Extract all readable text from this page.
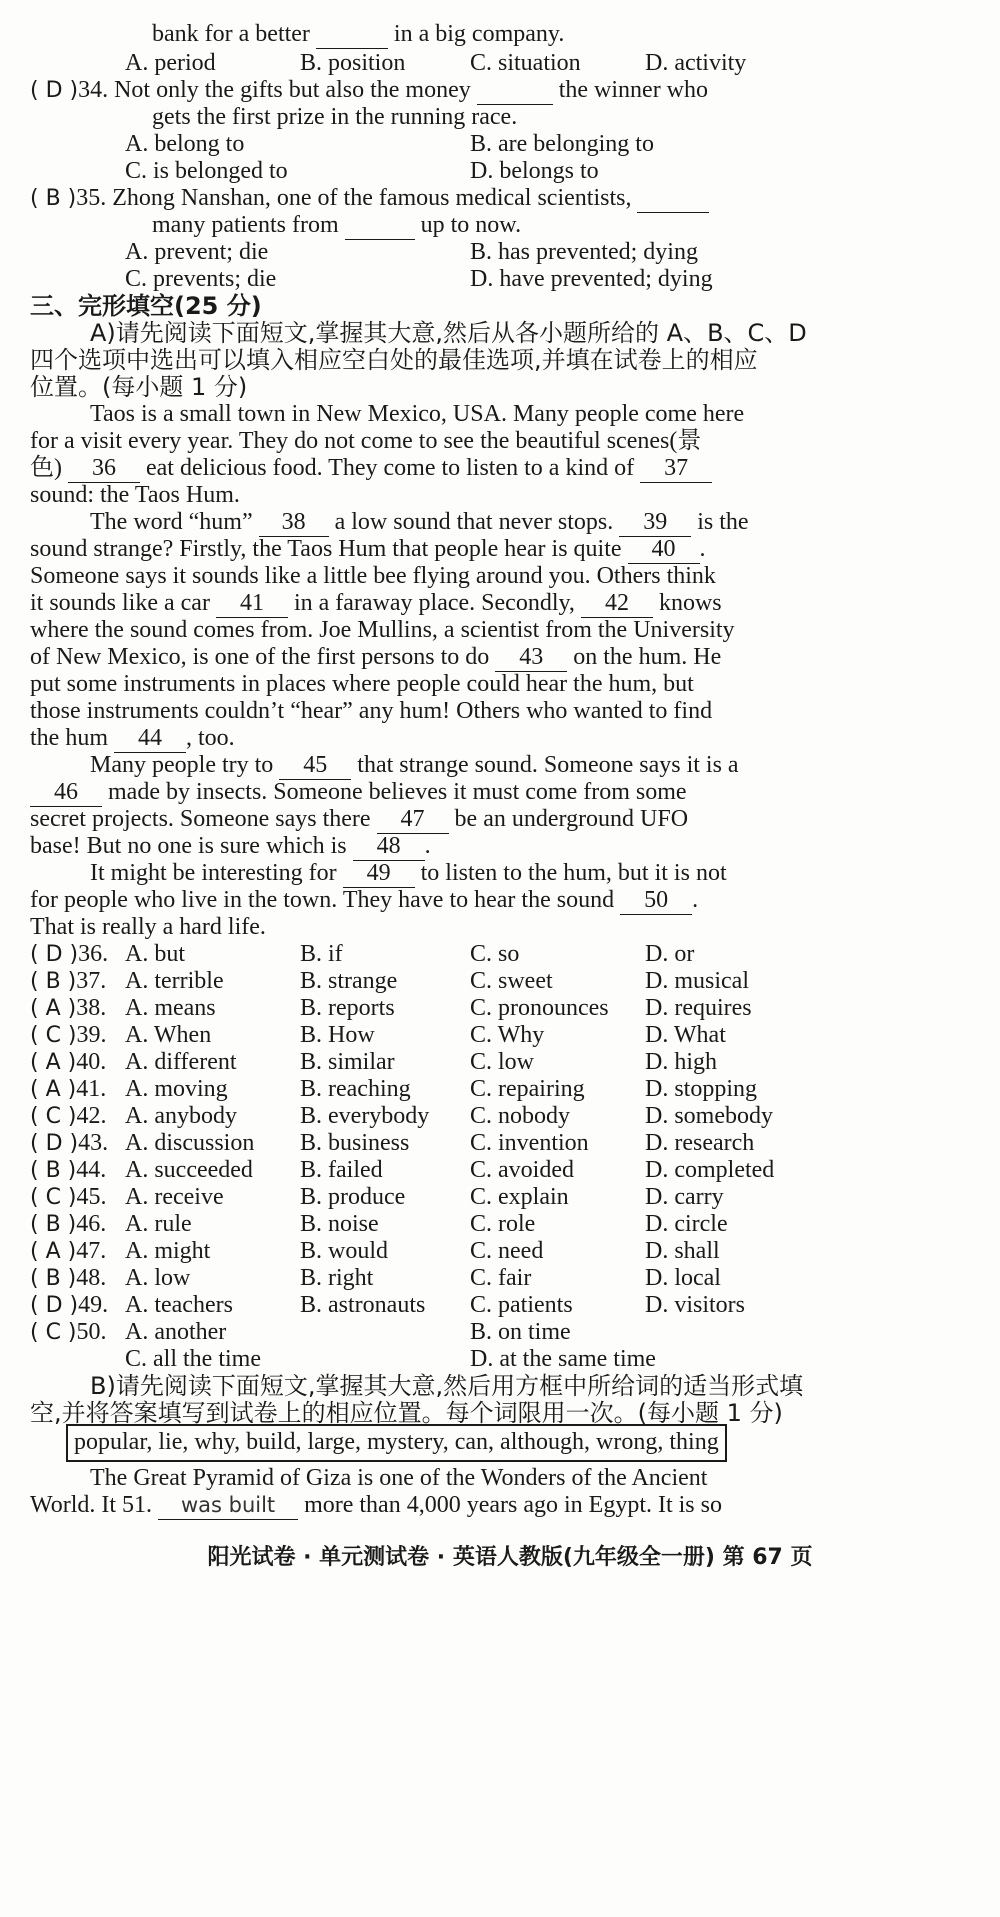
bank for a better	in a big company.
A. period	B. position	C. situation	D. activity
( D )34. Not only the gifts but also the money	the winner who
gets the first prize in the running race.
A. belong to	B. are belonging to
C. is belonged to	D. belongs to
( B )35. Zhong Nanshan, one of the famous medical scientists,
many patients from	up to now.
A. prevent; die	B. has prevented; dying
C. prevents; die	D. have prevented; dying
三、完形填空(25 分)
A)请先阅读下面短文,掌握其大意,然后从各小题所给的 A、B、C、D
四个选项中选出可以填入相应空白处的最佳选项,并填在试卷上的相应
位置。(每小题 1 分)
Taos is a small town in New Mexico, USA. Many people come here
for a visit every year. They do not come to see the beautiful scenes(景
色) 36 eat delicious food. They come to listen to a kind of 37
sound: the Taos Hum.
The word “hum” 38 a low sound that never stops. 39 is the
sound strange? Firstly, the Taos Hum that people hear is quite 40 .
Someone says it sounds like a little bee flying around you. Others think
it sounds like a car 41 in a faraway place. Secondly, 42 knows
where the sound comes from. Joe Mullins, a scientist from the University
of New Mexico, is one of the first persons to do 43 on the hum. He
put some instruments in places where people could hear the hum, but
those instruments couldn’t “hear” any hum! Others who wanted to find
the hum 44 , too.
Many people try to 45 that strange sound. Someone says it is a
46 made by insects. Someone believes it must come from some
secret projects. Someone says there 47 be an underground UFO
base! But no one is sure which is 48 .
It might be interesting for 49 to listen to the hum, but it is not
for people who live in the town. They have to hear the sound 50 .
That is really a hard life.
( D )36. A. but	B. if	C. so	D. or
( B )37. A. terrible	B. strange	C. sweet	D. musical
( A )38. A. means	B. reports	C. pronounces D. requires
( C )39. A. When	B. How	C. Why	D. What
( A )40. A. different	B. similar	C. low	D. high
( A )41. A. moving	B. reaching C. repairing	D. stopping
( C )42. A. anybody	B. everybody C. nobody	D. somebody
( D )43. A. discussion B. business	C. invention D. research
( B )44. A. succeeded B. failed	C. avoided	D. completed
( C )45. A. receive	B. produce	C. explain	D. carry
( B )46. A. rule	B. noise	C. role	D. circle
( A )47. A. might	B. would	C. need	D. shall
( B )48. A. low	B. right	C. fair	D. local
( D )49. A. teachers	B. astronauts C. patients	D. visitors
( C )50. A. another	B. on time
C. all the time	D. at the same time
B)请先阅读下面短文,掌握其大意,然后用方框中所给词的适当形式填
空,并将答案填写到试卷上的相应位置。每个词限用一次。(每小题 1 分)
popular, lie, why, build, large, mystery, can, although, wrong, thing
The Great Pyramid of Giza is one of the Wonders of the Ancient
World. It 51. was built more than 4,000 years ago in Egypt. It is so
阳光试卷 · 单元测试卷 · 英语人教版(九年级全一册) 第 67 页
